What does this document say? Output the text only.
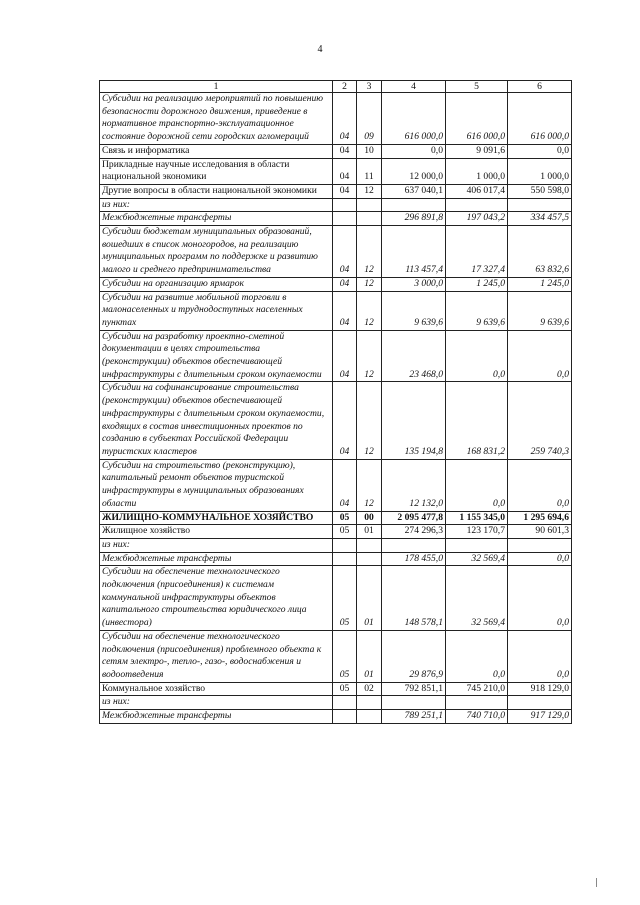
4
1	2	3	4	5	6
Субсидии на реализацию мероприятий по повышению безопасности дорожного движения, приведение в нормативное транспортно-эксплуатационное состояние дорожной сети городских агломераций	04	09	616 000,0	616 000,0	616 000,0
Связь и информатика	04	10	0,0	9 091,6	0,0
Прикладные научные исследования в области национальной экономики	04	11	12 000,0	1 000,0	1 000,0
Другие вопросы в области национальной экономики	04	12	637 040,1	406 017,4	550 598,0
из них:					
Межбюджетные трансферты			296 891,8	197 043,2	334 457,5
Субсидии бюджетам муниципальных образований, вошедших в список моногородов, на реализацию муниципальных программ по поддержке и развитию малого и среднего предпринимательства	04	12	113 457,4	17 327,4	63 832,6
Субсидии на организацию ярмарок	04	12	3 000,0	1 245,0	1 245,0
Субсидии на развитие мобильной торговли в малонаселенных и труднодоступных населенных пунктах	04	12	9 639,6	9 639,6	9 639,6
Субсидии на разработку проектно-сметной документации в целях строительства (реконструкции) объектов обеспечивающей инфраструктуры с длительным сроком окупаемости	04	12	23 468,0	0,0	0,0
Субсидии на софинансирование строительства (реконструкции) объектов обеспечивающей инфраструктуры с длительным сроком окупаемости, входящих в состав инвестиционных проектов по созданию в субъектах Российской Федерации туристских кластеров	04	12	135 194,8	168 831,2	259 740,3
Субсидии на строительство (реконструкцию), капитальный ремонт объектов туристской инфраструктуры в муниципальных образованиях области	04	12	12 132,0	0,0	0,0
ЖИЛИЩНО-КОММУНАЛЬНОЕ ХОЗЯЙСТВО	05	00	2 095 477,8	1 155 345,0	1 295 694,6
Жилищное хозяйство	05	01	274 296,3	123 170,7	90 601,3
из них:					
Межбюджетные трансферты			178 455,0	32 569,4	0,0
Субсидии на обеспечение технологического подключения (присоединения) к системам коммунальной инфраструктуры объектов капитального строительства юридического лица (инвестора)	05	01	148 578,1	32 569,4	0,0
Субсидии на обеспечение технологического подключения (присоединения) проблемного объекта к сетям электро-, тепло-, газо-, водоснабжения и водоотведения	05	01	29 876,9	0,0	0,0
Коммунальное хозяйство	05	02	792 851,1	745 210,0	918 129,0
из них:					
Межбюджетные трансферты			789 251,1	740 710,0	917 129,0
